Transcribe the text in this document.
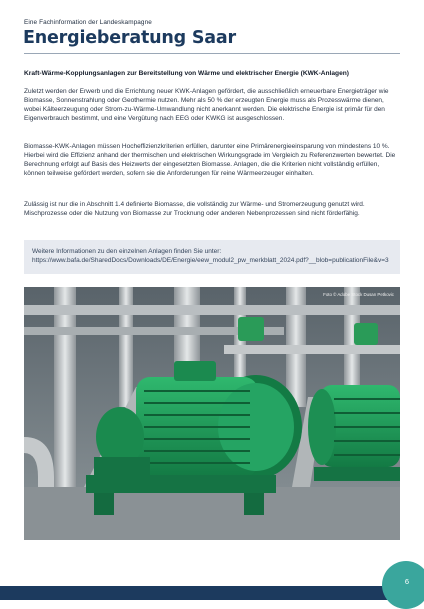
Eine Fachinformation der Landeskampagne
Energieberatung Saar
Kraft-Wärme-Kopplungsanlagen zur Bereitstellung von Wärme und elektrischer Energie (KWK-Anlagen)

Zuletzt werden der Erwerb und die Errichtung neuer KWK-Anlagen gefördert, die ausschließlich erneuerbare Energieträger wie Biomasse, Sonnenstrahlung oder Geothermie nutzen. Mehr als 50 % der erzeugten Energie muss als Prozesswärme dienen, wobei Kälteerzeugung oder Strom-zu-Wärme-Umwandlung nicht anerkannt werden. Die elektrische Energie ist primär für den Eigenverbrauch bestimmt, und eine Vergütung nach EEG oder KWKG ist ausgeschlossen.

Biomasse-KWK-Anlagen müssen Hocheffizienzkriterien erfüllen, darunter eine Primärenergieeinsparung von mindestens 10 %. Hierbei wird die Effizienz anhand der thermischen und elektrischen Wirkungsgrade im Vergleich zu Referenzwerten bewertet. Die Berechnung erfolgt auf Basis des Heizwerts der eingesetzten Biomasse. Anlagen, die die Kriterien nicht vollständig erfüllen, können teilweise gefördert werden, sofern sie die Anforderungen für reine Wärmeerzeuger einhalten.

Zulässig ist nur die in Abschnitt 1.4 definierte Biomasse, die vollständig zur Wärme- und Stromerzeugung genutzt wird. Mischprozesse oder die Nutzung von Biomasse zur Trocknung oder anderen Nebenprozessen sind nicht förderfähig.

Weitere Informationen zu den einzelnen Anlagen finden Sie unter: https://www.bafa.de/SharedDocs/Downloads/DE/Energie/eew_modul2_pw_merkblatt_2024.pdf?__blob=publicationFile&v=3
Foto © Adobe Stock Dusan Petkovic
6
